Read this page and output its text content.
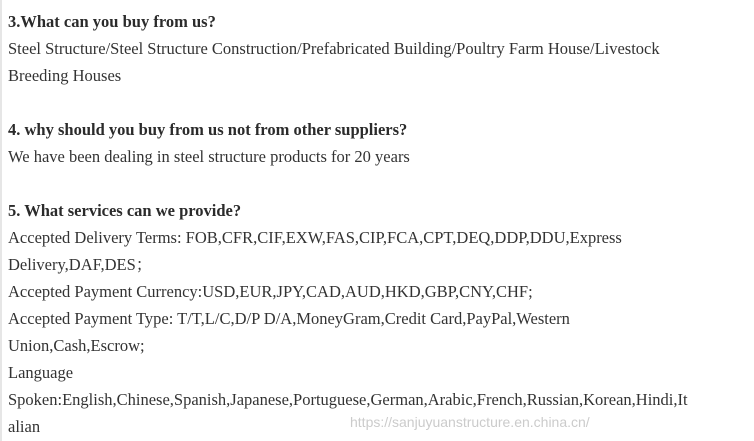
3.What can you buy from us?
Steel Structure/Steel Structure Construction/Prefabricated Building/Poultry Farm House/Livestock
Breeding Houses
4. why should you buy from us not from other suppliers?
We have been dealing in steel structure products for 20 years
5. What services can we provide?
Accepted Delivery Terms: FOB,CFR,CIF,EXW,FAS,CIP,FCA,CPT,DEQ,DDP,DDU,Express
Delivery,DAF,DES；
Accepted Payment Currency:USD,EUR,JPY,CAD,AUD,HKD,GBP,CNY,CHF;
Accepted Payment Type: T/T,L/C,D/P D/A,MoneyGram,Credit Card,PayPal,Western
Union,Cash,Escrow;
Language
Spoken:English,Chinese,Spanish,Japanese,Portuguese,German,Arabic,French,Russian,Korean,Hindi,It
alian	https://sanjuyuanstructure.en.china.cn/
